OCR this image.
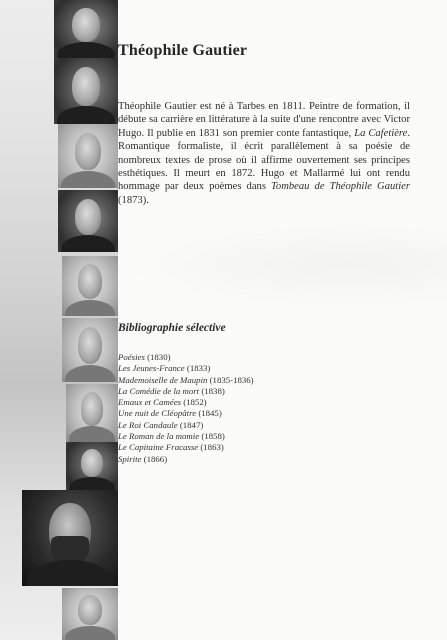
Théophile Gautier

Théophile Gautier est né à Tarbes en 1811. Peintre de formation, il débute sa carrière en littérature à la suite d'une rencontre avec Victor Hugo. Il publie en 1831 son premier conte fantastique, La Cafetière. Romantique formaliste, il écrit parallèlement à sa poésie de nombreux textes de prose où il affirme ouvertement ses principes esthétiques. Il meurt en 1872. Hugo et Mallarmé lui ont rendu hommage par deux poèmes dans Tombeau de Théophile Gautier (1873).

Bibliographie sélective
Poésies (1830)
Les Jeunes-France (1833)
Mademoiselle de Maupin (1835-1836)
La Comédie de la mort (1838)
Emaux et Camées (1852)
Une nuit de Cléopâtre (1845)
Le Roi Candaule (1847)
Le Roman de la momie (1858)
Le Capitaine Fracasse (1863)
Spirite (1866)
